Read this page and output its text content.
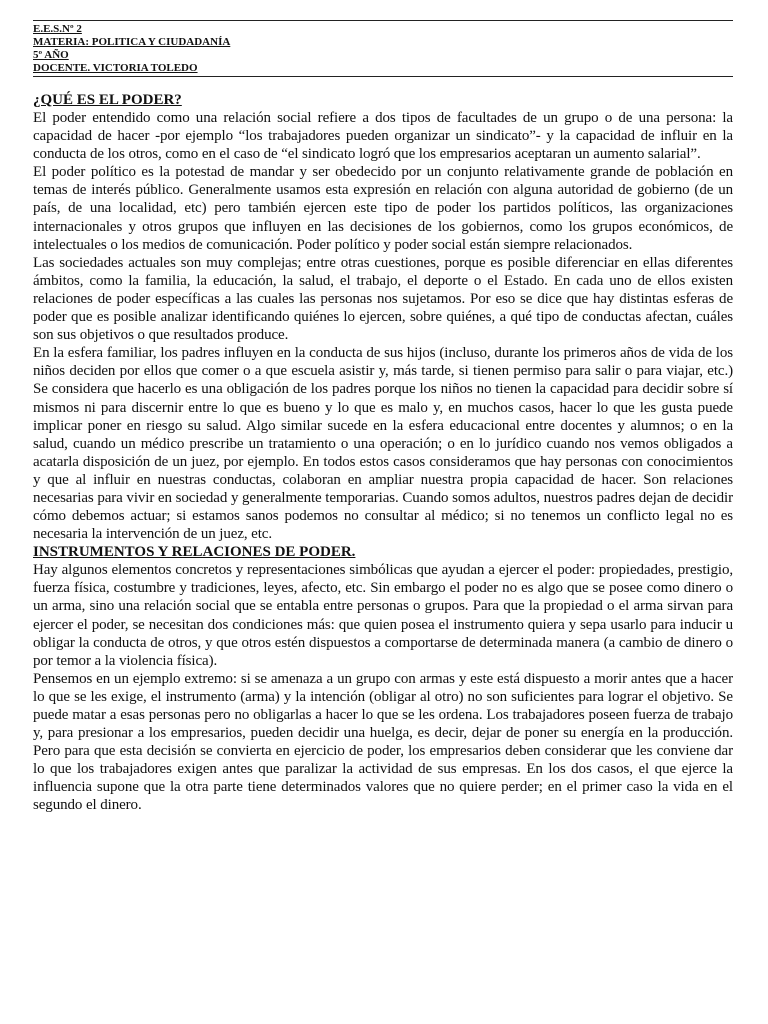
E.E.S.Nº 2

MATERIA: POLITICA Y CIUDADANÍA

5º AÑO

DOCENTE. VICTORIA TOLEDO

¿QUÉ ES EL PODER?

El poder entendido como una relación social refiere a dos tipos de facultades de un grupo o de una persona: la capacidad de hacer -por ejemplo “los trabajadores pueden organizar un sindicato”- y la capacidad de influir en la conducta de los otros, como en el caso de “el sindicato logró que los empresarios aceptaran un aumento salarial”.

El poder político es la potestad de mandar y ser obedecido por un conjunto relativamente grande de población en temas de interés público. Generalmente usamos esta expresión en relación con alguna autoridad de gobierno (de un país, de una localidad, etc) pero también ejercen este tipo de poder los partidos políticos, las organizaciones internacionales y otros grupos que influyen en las decisiones de los gobiernos, como los grupos económicos, de intelectuales o los medios de comunicación. Poder político y poder social están siempre relacionados.

Las sociedades actuales son muy complejas; entre otras cuestiones, porque es posible diferenciar en ellas diferentes ámbitos, como la familia, la educación, la salud, el trabajo, el deporte o el Estado. En cada uno de ellos existen relaciones de poder específicas a las cuales las personas nos sujetamos. Por eso se dice que hay distintas esferas de poder que es posible analizar identificando quiénes lo ejercen, sobre quiénes, a qué tipo de conductas afectan, cuáles son sus objetivos o que resultados produce.

En la esfera familiar, los padres influyen en la conducta de sus hijos (incluso, durante los primeros años de vida de los niños deciden por ellos que comer o a que escuela asistir y, más tarde, si tienen permiso para salir o para viajar, etc.) Se considera que hacerlo es una obligación de los padres porque los niños no tienen la capacidad para decidir sobre sí mismos ni para discernir entre lo que es bueno y lo que es malo y, en muchos casos, hacer lo que les gusta puede implicar poner en riesgo su salud. Algo similar sucede en la esfera educacional entre docentes y alumnos; o en la salud, cuando un médico prescribe un tratamiento o una operación; o en lo jurídico cuando nos vemos obligados a acatarla disposición de un juez, por ejemplo. En todos estos casos consideramos que hay personas con conocimientos y que al influir en nuestras conductas, colaboran en ampliar nuestra propia capacidad de hacer. Son relaciones necesarias para vivir en sociedad y generalmente temporarias. Cuando somos adultos, nuestros padres dejan de decidir cómo debemos actuar; si estamos sanos podemos no consultar al médico; si no tenemos un conflicto legal no es necesaria la intervención de un juez, etc.

INSTRUMENTOS Y RELACIONES DE PODER.

Hay algunos elementos concretos y representaciones simbólicas que ayudan a ejercer el poder: propiedades, prestigio, fuerza física, costumbre y tradiciones, leyes, afecto, etc. Sin embargo el poder no es algo que se posee como dinero o un arma, sino una relación social que se entabla entre personas o grupos. Para que la propiedad o el arma sirvan para ejercer el poder, se necesitan dos condiciones más: que quien posea el instrumento quiera y sepa usarlo para inducir u obligar la conducta de otros, y que otros estén dispuestos a comportarse de determinada manera (a cambio de dinero o por temor a la violencia física).

Pensemos en un ejemplo extremo: si se amenaza a un grupo con armas y este está dispuesto a morir antes que a hacer lo que se les exige, el instrumento (arma) y la intención (obligar al otro) no son suficientes para lograr el objetivo. Se puede matar a esas personas pero no obligarlas a hacer lo que se les ordena. Los trabajadores poseen fuerza de trabajo y, para presionar a los empresarios, pueden decidir una huelga, es decir, dejar de poner su energía en la producción. Pero para que esta decisión se convierta en ejercicio de poder, los empresarios deben considerar que les conviene dar lo que los trabajadores exigen antes que paralizar la actividad de sus empresas. En los dos casos, el que ejerce la influencia supone que la otra parte tiene determinados valores que no quiere perder; en el primer caso la vida en el segundo el dinero.
